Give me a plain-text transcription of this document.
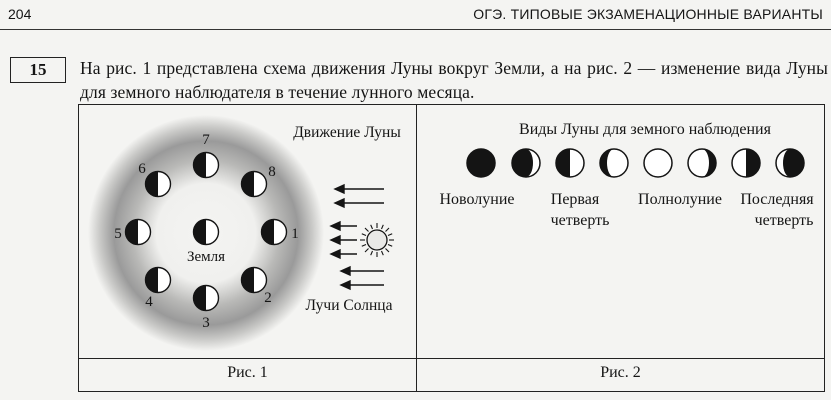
204	ОГЭ. ТИПОВЫЕ ЭКЗАМЕНАЦИОННЫЕ ВАРИАНТЫ
15	На рис. 1 представлена схема движения Луны вокруг Земли, а на рис. 2 — изменение вида Луны для земного наблюдателя в течение лунного месяца.
Земля
1
2
3
4
5
6
7
8
Движение Луны
Лучи Солнца
Виды Луны для земного наблюдения
Новолуние Первая
четверть
Полнолуние Последняя
четверть
Рис. 1	Рис. 2
